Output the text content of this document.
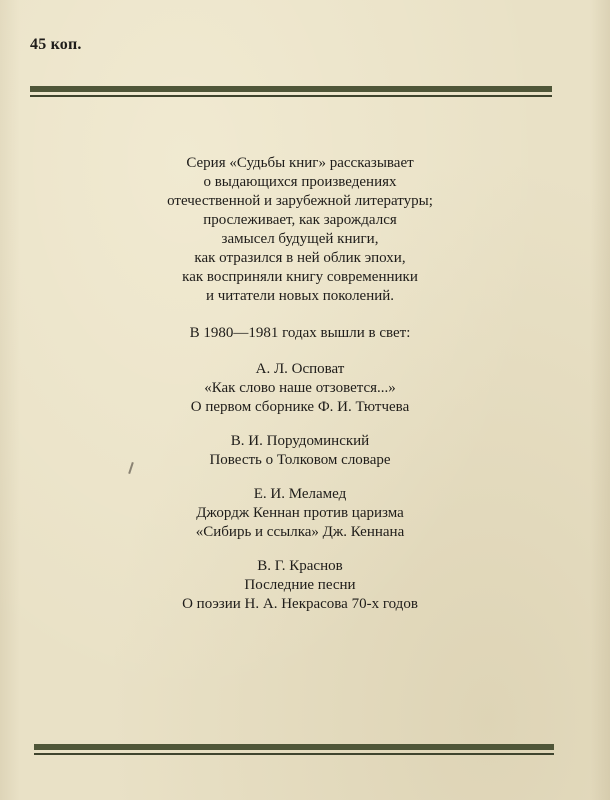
45 коп.
Серия «Судьбы книг» рассказывает
о выдающихся произведениях
отечественной и зарубежной литературы;
прослеживает, как зарождался
замысел будущей книги,
как отразился в ней облик эпохи,
как восприняли книгу современники
и читатели новых поколений.
В 1980—1981 годах вышли в свет:
А. Л. Осповат
«Как слово наше отзовется...»
О первом сборнике Ф. И. Тютчева
В. И. Порудоминский
Повесть о Толковом словаре
Е. И. Меламед
Джордж Кеннан против царизма
«Сибирь и ссылка» Дж. Кеннана
В. Г. Краснов
Последние песни
О поэзии Н. А. Некрасова 70-х годов
